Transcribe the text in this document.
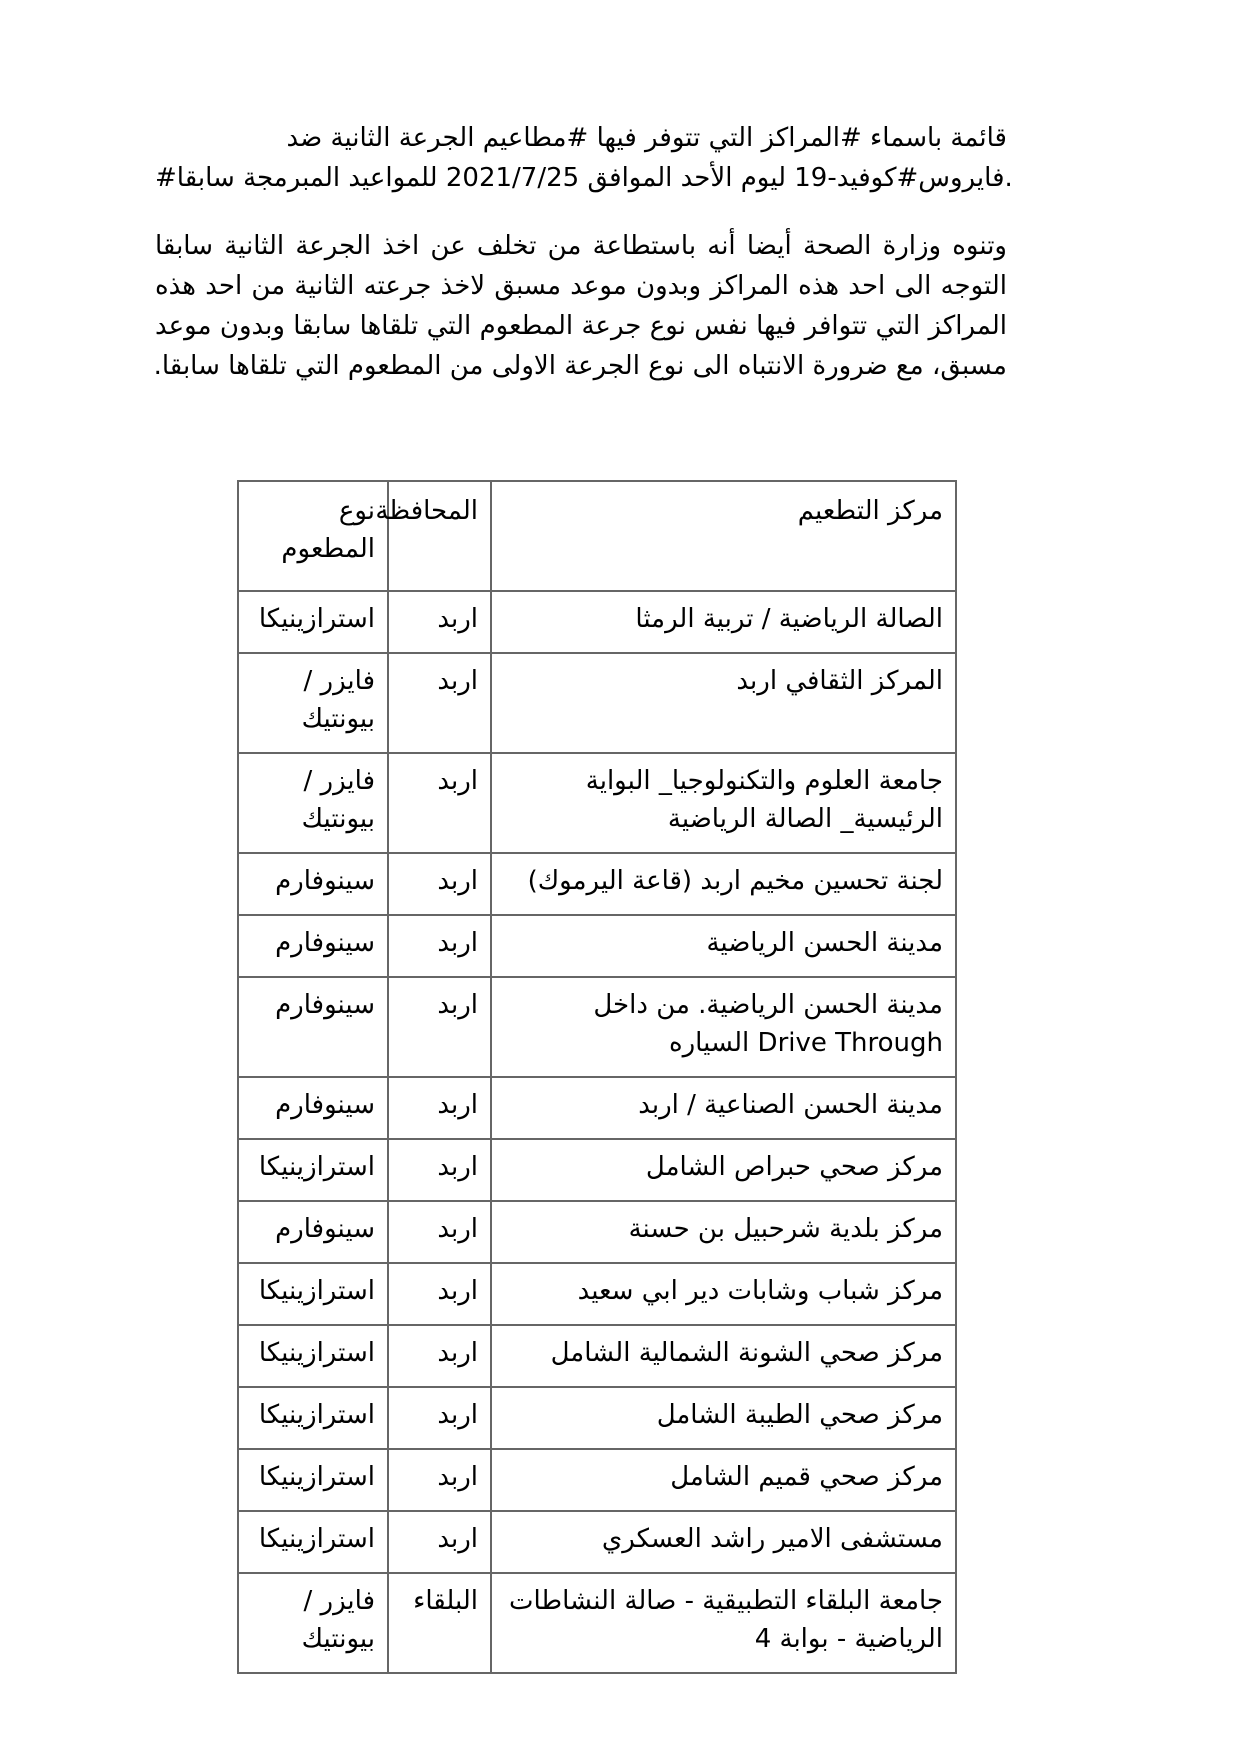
قائمة باسماء #المراكز التي تتوفر فيها #مطاعيم الجرعة الثانية ضد
#فايروس#كوفيد-19 ليوم الأحد الموافق 2021/7/25 للمواعيد المبرمجة سابقا.
وتنوه وزارة الصحة أيضا أنه باستطاعة من تخلف عن اخذ الجرعة الثانية سابقا
التوجه الى احد هذه المراكز وبدون موعد مسبق لاخذ جرعته الثانية من احد هذه
المراكز التي تتوافر فيها نفس نوع جرعة المطعوم التي تلقاها سابقا وبدون موعد
مسبق، مع ضرورة الانتباه الى نوع الجرعة الاولى من المطعوم التي تلقاها سابقا.
مركز التطعيم	المحافظة	نوع المطعوم

الصالة الرياضية / تربية الرمثا	اربد	استرازينيكا

المركز الثقافي اربد	اربد	فايزر / بيونتيك

جامعة العلوم والتكنولوجيا_ البواية
الرئيسية_ الصالة الرياضية	اربد	فايزر / بيونتيك

لجنة تحسين مخيم اربد (قاعة اليرموك)	اربد	سينوفارم

مدينة الحسن الرياضية	اربد	سينوفارم

مدينة الحسن الرياضية. من داخل
السياره Drive Through	اربد	سينوفارم

مدينة الحسن الصناعية / اربد	اربد	سينوفارم

مركز صحي حبراص الشامل	اربد	استرازينيكا

مركز بلدية شرحبيل بن حسنة	اربد	سينوفارم

مركز شباب وشابات دير ابي سعيد	اربد	استرازينيكا

مركز صحي الشونة الشمالية الشامل	اربد	استرازينيكا

مركز صحي الطيبة الشامل	اربد	استرازينيكا

مركز صحي قميم الشامل	اربد	استرازينيكا

مستشفى الامير راشد العسكري	اربد	استرازينيكا

جامعة البلقاء التطبيقية - صالة النشاطات
الرياضية - بوابة 4	البلقاء	فايزر / بيونتيك
